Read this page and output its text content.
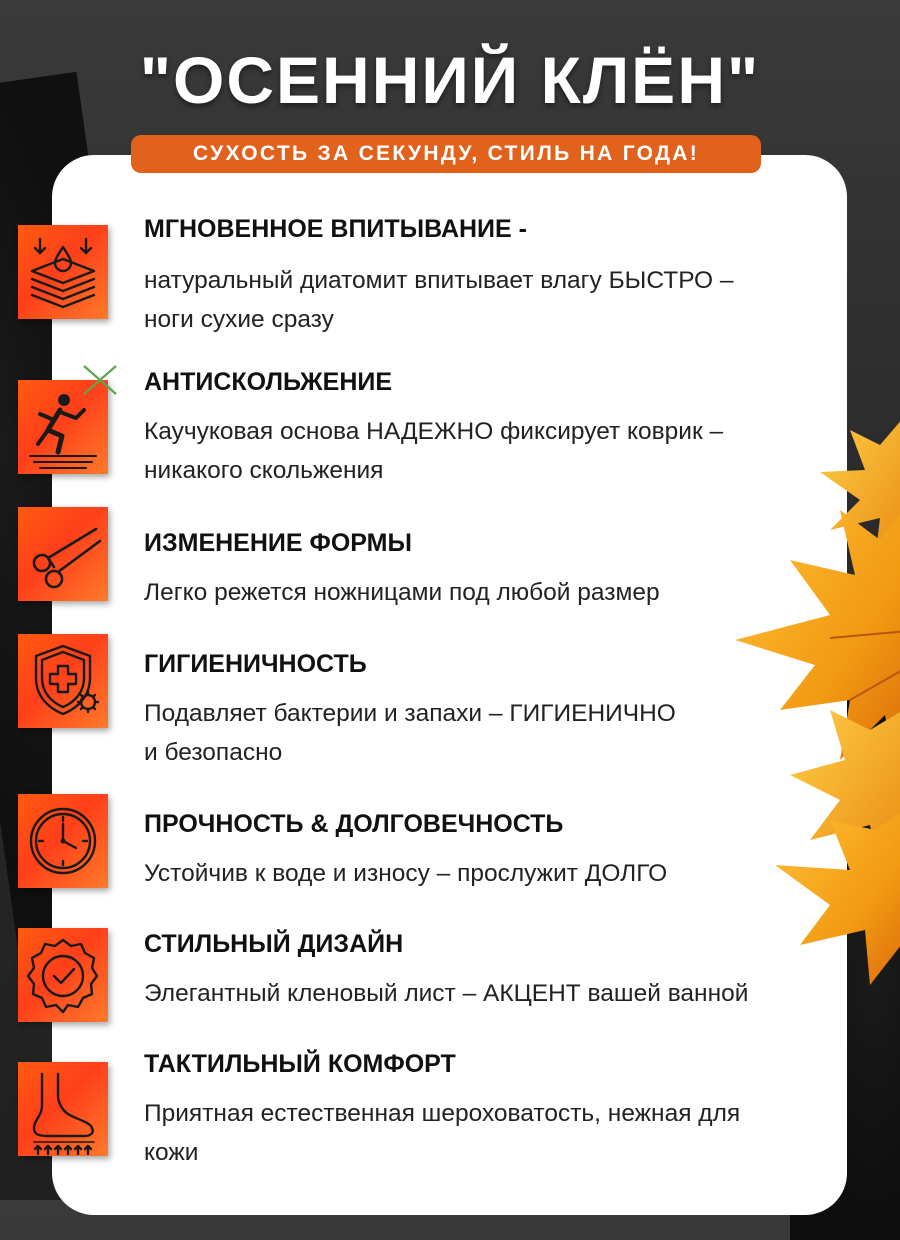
"ОСЕННИЙ КЛЁН"
СУХОСТЬ ЗА СЕКУНДУ, СТИЛЬ НА ГОДА!
МГНОВЕННОЕ ВПИТЫВАНИЕ -
натуральный диатомит впитывает влагу БЫСТРО –
ноги сухие сразу
АНТИСКОЛЬЖЕНИЕ
Каучуковая основа НАДЕЖНО фиксирует коврик –
никакого скольжения
ИЗМЕНЕНИЕ ФОРМЫ
Легко режется ножницами под любой размер
ГИГИЕНИЧНОСТЬ
Подавляет бактерии и запахи – ГИГИЕНИЧНО
и безопасно
ПРОЧНОСТЬ & ДОЛГОВЕЧНОСТЬ
Устойчив к воде и износу – прослужит ДОЛГО
СТИЛЬНЫЙ ДИЗАЙН
Элегантный кленовый лист – АКЦЕНТ вашей ванной
ТАКТИЛЬНЫЙ КОМФОРТ
Приятная естественная шероховатость, нежная для
кожи
